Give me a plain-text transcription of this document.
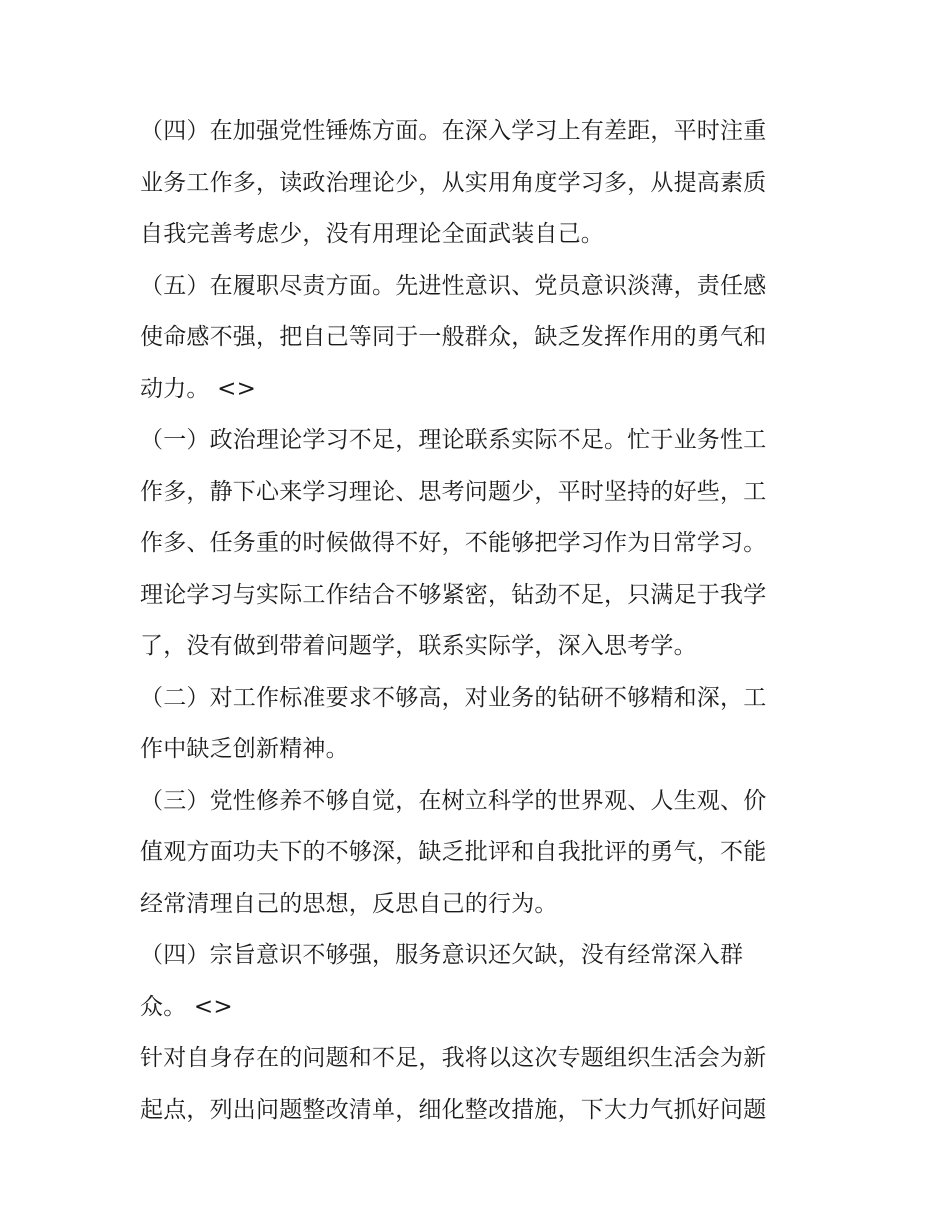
（四）在加强党性锤炼方面。在深入学习上有差距，平时注重
业务工作多，读政治理论少，从实用角度学习多，从提高素质
自我完善考虑少，没有用理论全面武装自己。
（五）在履职尽责方面。先进性意识、党员意识淡薄，责任感
使命感不强，把自己等同于一般群众，缺乏发挥作用的勇气和
动力。 <>
（一）政治理论学习不足，理论联系实际不足。忙于业务性工
作多，静下心来学习理论、思考问题少，平时坚持的好些，工
作多、任务重的时候做得不好，不能够把学习作为日常学习。
理论学习与实际工作结合不够紧密，钻劲不足，只满足于我学
了，没有做到带着问题学，联系实际学，深入思考学。
（二）对工作标准要求不够高，对业务的钻研不够精和深，工
作中缺乏创新精神。
（三）党性修养不够自觉，在树立科学的世界观、人生观、价
值观方面功夫下的不够深，缺乏批评和自我批评的勇气，不能
经常清理自己的思想，反思自己的行为。
（四）宗旨意识不够强，服务意识还欠缺，没有经常深入群
众。 <>
针对自身存在的问题和不足，我将以这次专题组织生活会为新
起点，列出问题整改清单，细化整改措施，下大力气抓好问题
